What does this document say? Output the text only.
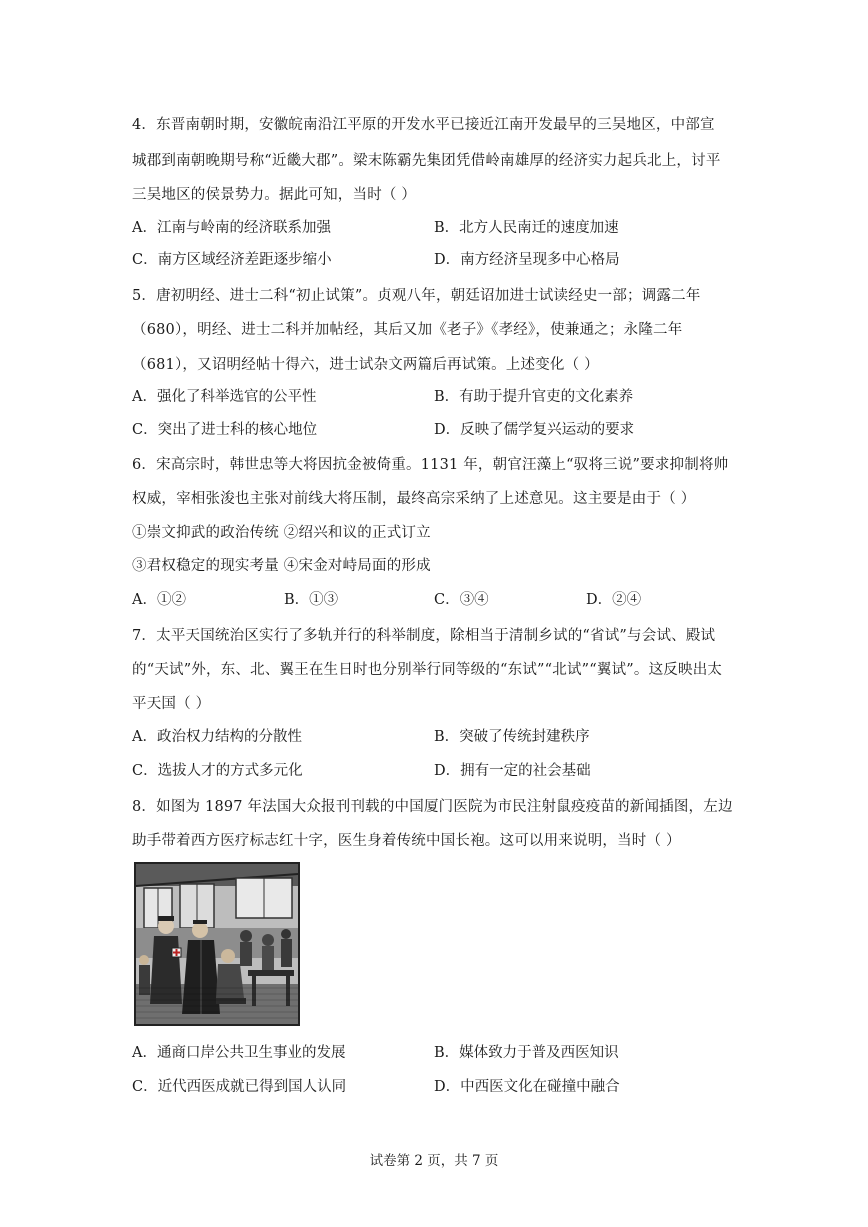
4．东晋南朝时期，安徽皖南沿江平原的开发水平已接近江南开发最早的三吴地区，中部宣
城郡到南朝晚期号称“近畿大郡”。梁末陈霸先集团凭借岭南雄厚的经济实力起兵北上，讨平
三吴地区的侯景势力。据此可知，当时（ ）
A．江南与岭南的经济联系加强	B．北方人民南迁的速度加速
C．南方区域经济差距逐步缩小	D．南方经济呈现多中心格局
5．唐初明经、进士二科“初止试策”。贞观八年，朝廷诏加进士试读经史一部；调露二年
（680），明经、进士二科并加帖经，其后又加《老子》《孝经》，使兼通之；永隆二年
（681），又诏明经帖十得六，进士试杂文两篇后再试策。上述变化（ ）
A．强化了科举选官的公平性	B．有助于提升官吏的文化素养
C．突出了进士科的核心地位	D．反映了儒学复兴运动的要求
6．宋高宗时，韩世忠等大将因抗金被倚重。1131 年，朝官汪藻上“驭将三说”要求抑制将帅
权威，宰相张浚也主张对前线大将压制，最终高宗采纳了上述意见。这主要是由于（ ）
①崇文抑武的政治传统 ②绍兴和议的正式订立
③君权稳定的现实考量 ④宋金对峙局面的形成
A．①②	B．①③	C．③④	D．②④
7．太平天国统治区实行了多轨并行的科举制度，除相当于清制乡试的“省试”与会试、殿试
的“天试”外，东、北、翼王在生日时也分别举行同等级的“东试”“北试”“翼试”。这反映出太
平天国（ ）
A．政治权力结构的分散性	B．突破了传统封建秩序
C．选拔人才的方式多元化	D．拥有一定的社会基础
8．如图为 1897 年法国大众报刊刊载的中国厦门医院为市民注射鼠疫疫苗的新闻插图，左边
助手带着西方医疗标志红十字，医生身着传统中国长袍。这可以用来说明，当时（ ）
A．通商口岸公共卫生事业的发展	B．媒体致力于普及西医知识
C．近代西医成就已得到国人认同	D．中西医文化在碰撞中融合
试卷第 2 页，共 7 页
